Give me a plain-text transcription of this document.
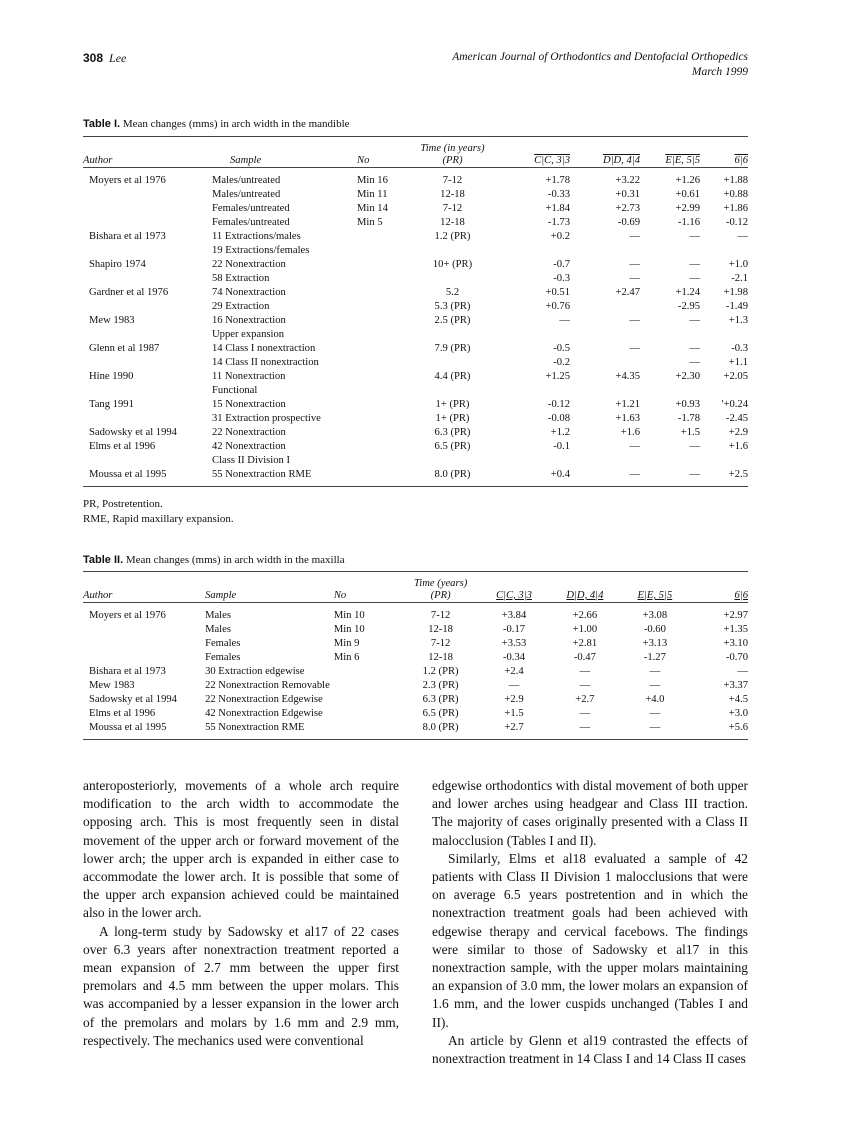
308 Lee	American Journal of Orthodontics and Dentofacial Orthopedics
March 1999
Table I. Mean changes (mms) in arch width in the mandible
Author	Sample	No	Time (in years)
(PR)	C|C, 3|3	D|D, 4|4	E|E, 5|5	6|6
Moyers et al 1976	Males/untreated	Min 16	7-12	+1.78	+3.22	+1.26	+1.88
	Males/untreated	Min 11	12-18	-0.33	+0.31	+0.61	+0.88
	Females/untreated	Min 14	7-12	+1.84	+2.73	+2.99	+1.86
	Females/untreated	Min 5	12-18	-1.73	-0.69	-1.16	-0.12
Bishara et al 1973	11 Extractions/males		1.2 (PR)	+0.2	—	—	—
	19 Extractions/females						
Shapiro 1974	22 Nonextraction		10+ (PR)	-0.7	—	—	+1.0
	58 Extraction			-0.3	—	—	-2.1
Gardner et al 1976	74 Nonextraction		5.2	+0.51	+2.47	+1.24	+1.98
	29 Extraction		5.3 (PR)	+0.76		-2.95	-1.49
Mew 1983	16 Nonextraction		2.5 (PR)	—	—	—	+1.3
	Upper expansion						
Glenn et al 1987	14 Class I nonextraction		7.9 (PR)	-0.5	—	—	-0.3
	14 Class II nonextraction			-0.2		—	+1.1
Hine 1990	11 Nonextraction		4.4 (PR)	+1.25	+4.35	+2.30	+2.05
	Functional						
Tang 1991	15 Nonextraction		1+ (PR)	-0.12	+1.21	+0.93	'+0.24
	31 Extraction prospective		1+ (PR)	-0.08	+1.63	-1.78	-2.45
Sadowsky et al 1994	22 Nonextraction		6.3 (PR)	+1.2	+1.6	+1.5	+2.9
Elms et al 1996	42 Nonextraction		6.5 (PR)	-0.1	—	—	+1.6
	Class II Division I						
Moussa et al 1995	55 Nonextraction RME		8.0 (PR)	+0.4	—	—	+2.5
PR, Postretention.
RME, Rapid maxillary expansion.
Table II. Mean changes (mms) in arch width in the maxilla
Author	Sample	No	Time (years)
(PR)	C|C, 3|3	D|D, 4|4	E|E, 5|5	6|6
Moyers et al 1976	Males	Min 10	7-12	+3.84	+2.66	+3.08	+2.97
	Males	Min 10	12-18	-0.17	+1.00	-0.60	+1.35
	Females	Min 9	7-12	+3.53	+2.81	+3.13	+3.10
	Females	Min 6	12-18	-0.34	-0.47	-1.27	-0.70
Bishara et al 1973	30 Extraction edgewise		1.2 (PR)	+2.4	—	—	—
Mew 1983	22 Nonextraction Removable		2.3 (PR)	—	—	—	+3.37
Sadowsky et al 1994	22 Nonextraction Edgewise		6.3 (PR)	+2.9	+2.7	+4.0	+4.5
Elms et al 1996	42 Nonextraction Edgewise		6.5 (PR)	+1.5	—	—	+3.0
Moussa et al 1995	55 Nonextraction RME		8.0 (PR)	+2.7	—	—	+5.6

anteroposteriorly, movements of a whole arch require modification to the arch width to accommodate the opposing arch. This is most frequently seen in distal movement of the upper arch or forward movement of the lower arch; the upper arch is expanded in either case to accommodate the lower arch. It is possible that some of the upper arch expansion achieved could be maintained also in the lower arch.

A long-term study by Sadowsky et al17 of 22 cases over 6.3 years after nonextraction treatment reported a mean expansion of 2.7 mm between the upper first premolars and 4.5 mm between the upper molars. This was accompanied by a lesser expansion in the lower arch of the premolars and molars by 1.6 mm and 2.9 mm, respectively. The mechanics used were conventional

edgewise orthodontics with distal movement of both upper and lower arches using headgear and Class III traction. The majority of cases originally presented with a Class II malocclusion (Tables I and II).

Similarly, Elms et al18 evaluated a sample of 42 patients with Class II Division 1 malocclusions that were on average 6.5 years postretention and in which the nonextraction treatment goals had been achieved with edgewise therapy and cervical facebows. The findings were similar to those of Sadowsky et al17 in this nonextraction sample, with the upper molars maintaining an expansion of 3.0 mm, the lower molars an expansion of 1.6 mm, and the lower cuspids unchanged (Tables I and II).

An article by Glenn et al19 contrasted the effects of nonextraction treatment in 14 Class I and 14 Class II cases
